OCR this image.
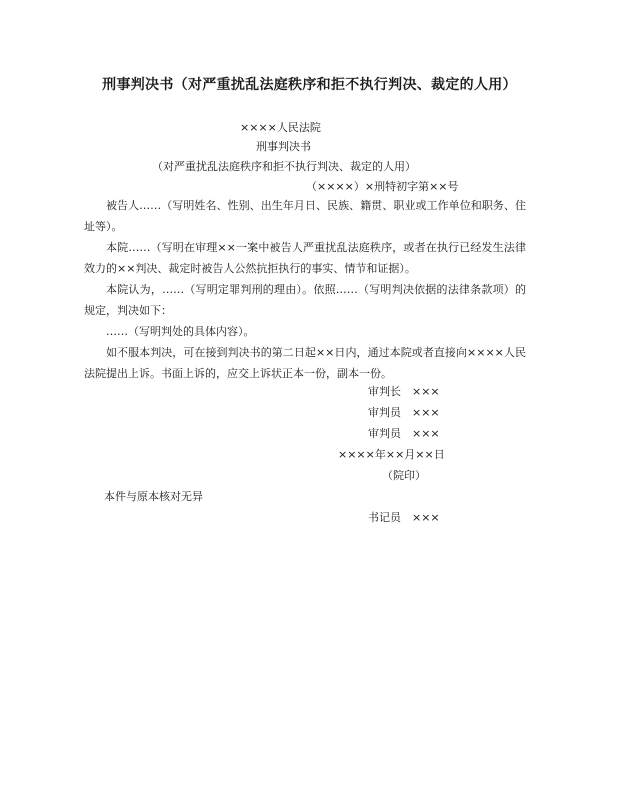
刑事判决书（对严重扰乱法庭秩序和拒不执行判决、裁定的人用）
××××人民法院
刑事判决书
（对严重扰乱法庭秩序和拒不执行判决、裁定的人用）
（××××）×刑特初字第××号
被告人……（写明姓名、性别、出生年月日、民族、籍贯、职业或工作单位和职务、住址等）。
本院……（写明在审理××一案中被告人严重扰乱法庭秩序，或者在执行已经发生法律效力的××判决、裁定时被告人公然抗拒执行的事实、情节和证据）。
本院认为，……（写明定罪判刑的理由）。依照……（写明判决依据的法律条款项）的规定，判决如下：
……（写明判处的具体内容）。
如不服本判决，可在接到判决书的第二日起××日内，通过本院或者直接向××××人民法院提出上诉。书面上诉的，应交上诉状正本一份，副本一份。
审判长　×××
审判员　×××
审判员　×××
××××年××月××日
（院印）
本件与原本核对无异
书记员　×××
